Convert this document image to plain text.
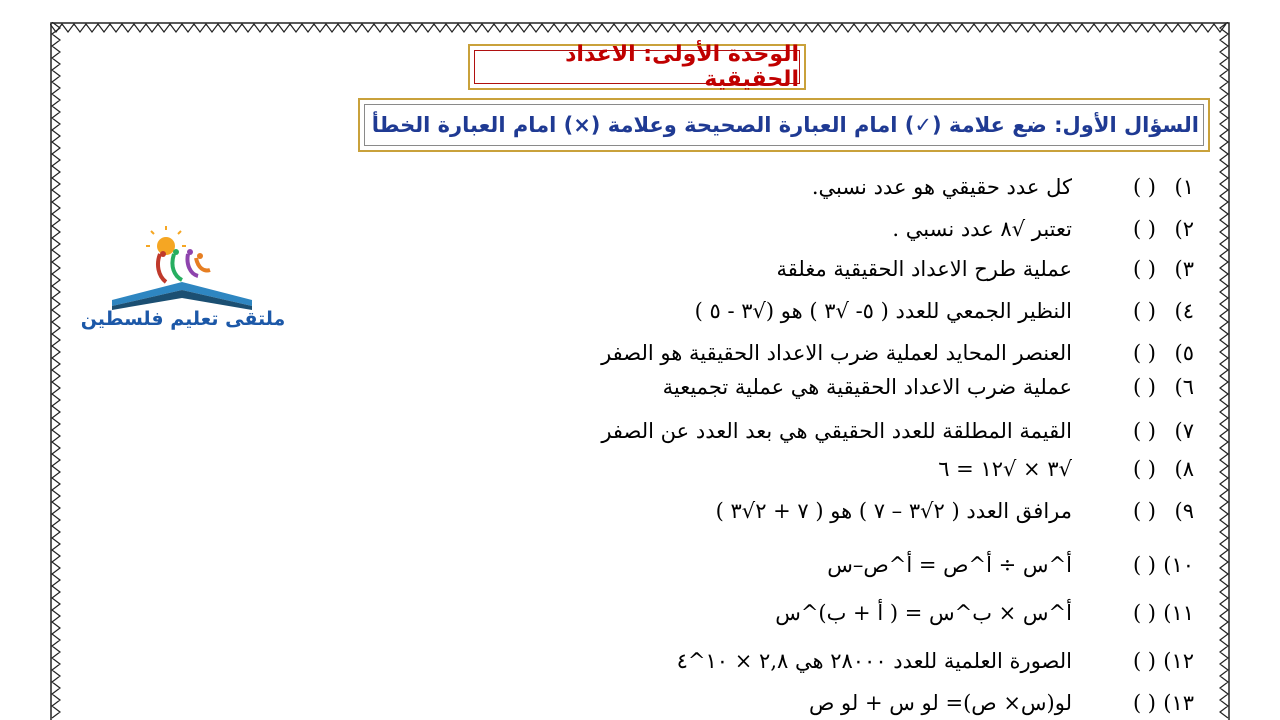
الوحدة الأولى: الاعداد الحقيقية
السؤال الأول: ضع علامة (✓) امام العبارة الصحيحة وعلامة (×) امام العبارة الخطأ
ملتقى تعليم فلسطين
١)
( )
كل عدد حقيقي هو عدد نسبي.
٢)
( )
تعتبر √٨ عدد نسبي .
٣)
( )
عملية طرح الاعداد الحقيقية مغلقة
٤)
( )
النظير الجمعي للعدد ( ٥- √٣ ) هو (√٣ - ٥ )
٥)
( )
العنصر المحايد لعملية ضرب الاعداد الحقيقية هو الصفر
٦)
( )
عملية ضرب الاعداد الحقيقية هي عملية تجميعية
٧)
( )
القيمة المطلقة للعدد الحقيقي هي بعد العدد عن الصفر
٨)
( )
√٣ × √١٢ = ٦
٩)
( )
مرافق العدد ( ٢√٣ – ٧ ) هو ( ٧ + ٢√٣ )
١٠)
( )
أ^س ÷ أ^ص = أ^ص–س
١١)
( )
أ^س × ب^س = ( أ + ب)^س
١٢)
( )
الصورة العلمية للعدد ٢٨٠٠٠ هي ٢,٨ × ١٠^٤
١٣)
( )
لو(س× ص)= لو س + لو ص
